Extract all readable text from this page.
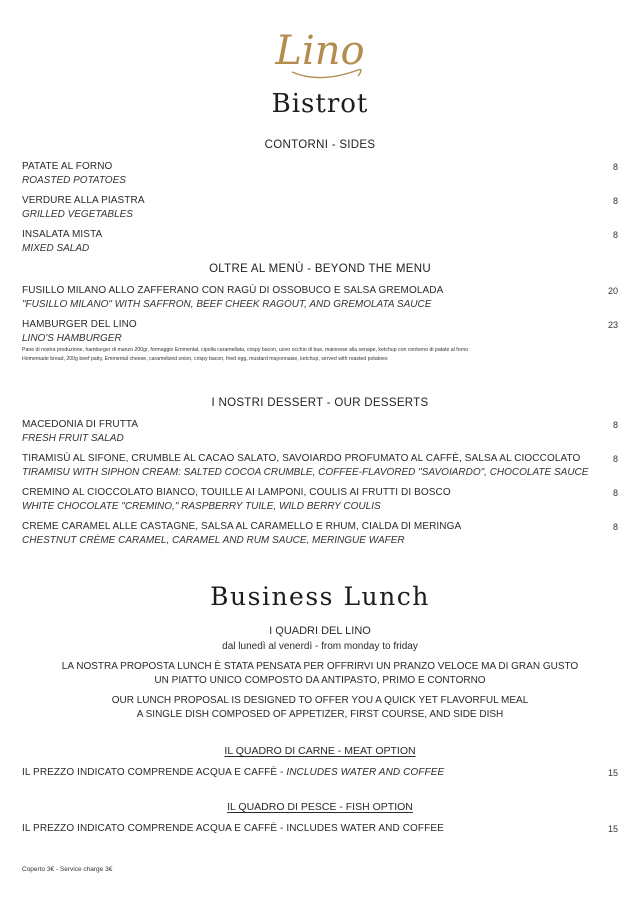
Lino
Bistrot
CONTORNI - SIDES
PATATE AL FORNO
ROASTED POTATOES
8
VERDURE ALLA PIASTRA
GRILLED VEGETABLES
8
INSALATA MISTA
MIXED SALAD
8
OLTRE AL MENÙ - BEYOND THE MENU
FUSILLO MILANO ALLO ZAFFERANO CON RAGÙ DI OSSOBUCO E SALSA GREMOLADA
"FUSILLO MILANO" WITH SAFFRON, BEEF CHEEK RAGOUT, AND GREMOLATA SAUCE
20
HAMBURGER DEL LINO
LINO'S HAMBURGER
Pane di nostra produzione, hamburger di manzo 200gr, formaggio Emmental, cipolla caramellata, crispy bacon, uovo occhio di bue, maionese alla senape, ketchup con contorno di patate al forno
Homemade bread, 200g beef patty, Emmental cheese, caramelized onion, crispy bacon, fried egg, mustard mayonnaise, ketchup, served with roasted potatoes
23
I NOSTRI DESSERT - OUR DESSERTS
MACEDONIA DI FRUTTA
FRESH FRUIT SALAD
8
TIRAMISÙ AL SIFONE, CRUMBLE AL CACAO SALATO, SAVOIARDO PROFUMATO AL CAFFÈ, SALSA AL CIOCCOLATO
TIRAMISU WITH SIPHON CREAM: SALTED COCOA CRUMBLE, COFFEE-FLAVORED "SAVOIARDO", CHOCOLATE SAUCE
8
CREMINO AL CIOCCOLATO BIANCO, TOUILLE AI LAMPONI, COULIS AI FRUTTI DI BOSCO
WHITE CHOCOLATE "CREMINO," RASPBERRY TUILE, WILD BERRY COULIS
8
CREME CARAMEL ALLE CASTAGNE, SALSA AL CARAMELLO E RHUM, CIALDA DI MERINGA
CHESTNUT CRÈME CARAMEL, CARAMEL AND RUM SAUCE, MERINGUE WAFER
8
Business Lunch
I QUADRI DEL LINO
dal lunedì al venerdì - from monday to friday
LA NOSTRA PROPOSTA LUNCH È STATA PENSATA PER OFFRIRVI UN PRANZO VELOCE MA DI GRAN GUSTO
UN PIATTO UNICO COMPOSTO DA ANTIPASTO, PRIMO E CONTORNO
OUR LUNCH PROPOSAL IS DESIGNED TO OFFER YOU A QUICK YET FLAVORFUL MEAL
A SINGLE DISH COMPOSED OF APPETIZER, FIRST COURSE, AND SIDE DISH
IL QUADRO DI CARNE - MEAT OPTION
IL PREZZO INDICATO COMPRENDE ACQUA E CAFFÈ - INCLUDES WATER AND COFFEE	15
IL QUADRO DI PESCE - FISH OPTION
IL PREZZO INDICATO COMPRENDE ACQUA E CAFFÈ - INCLUDES WATER AND COFFEE	15
Coperto 3€ - Service charge 3€
